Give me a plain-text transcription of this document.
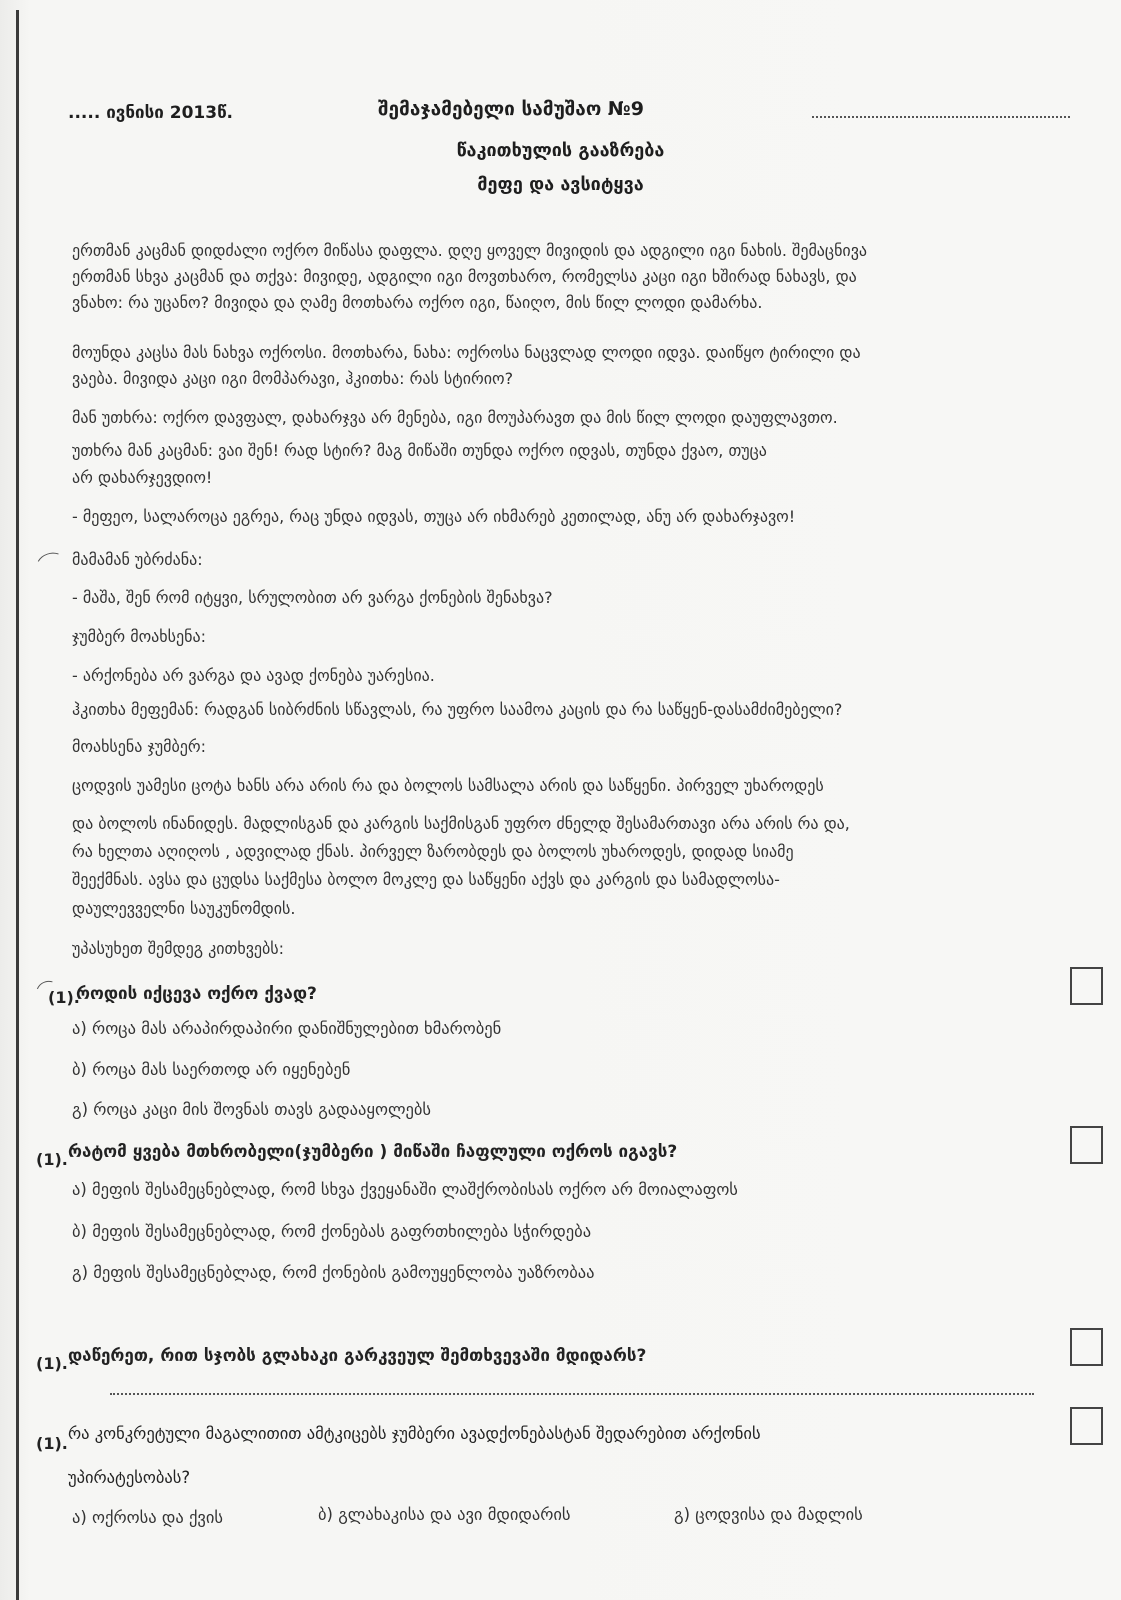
..... ივნისი 2013წ.	შემაჯამებელი სამუშაო №9
წაკითხულის გააზრება
მეფე და ავსიტყვა
ერთმან კაცმან დიდძალი ოქრო მიწასა დაფლა. დღე ყოველ მივიდის და ადგილი იგი ნახის. შემაცნივა
ერთმან სხვა კაცმან და თქვა: მივიდე, ადგილი იგი მოვთხარო, რომელსა კაცი იგი ხშირად ნახავს, და
ვნახო: რა უცანო? მივიდა და ღამე მოთხარა ოქრო იგი, წაიღო, მის წილ ლოდი დამარხა.
მოუნდა კაცსა მას ნახვა ოქროსი. მოთხარა, ნახა: ოქროსა ნაცვლად ლოდი იდვა. დაიწყო ტირილი და
ვაება. მივიდა კაცი იგი მომპარავი, ჰკითხა: რას სტირიო?
მან უთხრა: ოქრო დავფალ, დახარჯვა არ მენება, იგი მოუპარავთ და მის წილ ლოდი დაუფლავთო.
უთხრა მან კაცმან: ვაი შენ! რად სტირ? მაგ მიწაში თუნდა ოქრო იდვას, თუნდა ქვაო, თუცა
არ დახარჯევდიო!
- მეფეო, სალაროცა ეგრეა, რაც უნდა იდვას, თუცა არ იხმარებ კეთილად, ანუ არ დახარჯავო!
მამამან უბრძანა:
- მაშა, შენ რომ იტყვი, სრულობით არ ვარგა ქონების შენახვა?
ჯუმბერ მოახსენა:
- არქონება არ ვარგა და ავად ქონება უარესია.
ჰკითხა მეფემან: რადგან სიბრძნის სწავლას, რა უფრო საამოა კაცის და რა საწყენ-დასამძიმებელი?
მოახსენა ჯუმბერ:
ცოდვის უამესი ცოტა ხანს არა არის რა და ბოლოს სამსალა არის და საწყენი. პირველ უხაროდეს
და ბოლოს ინანიდეს. მადლისგან და კარგის საქმისგან უფრო ძნელდ შესამართავი არა არის რა და,
რა ხელთა აღიღოს , ადვილად ქნას. პირველ ზარობდეს და ბოლოს უხაროდეს, დიდად სიამე
შეექმნას. ავსა და ცუდსა საქმესა ბოლო მოკლე და საწყენი აქვს და კარგის და სამადლოსა-
დაულევველნი საუკუნომდის.
უპასუხეთ შემდეგ კითხვებს:
(1).
როდის იქცევა ოქრო ქვად?
ა) როცა მას არაპირდაპირი დანიშნულებით ხმარობენ
ბ) როცა მას საერთოდ არ იყენებენ
გ) როცა კაცი მის შოვნას თავს გადააყოლებს
(1). რატომ ყვება მთხრობელი(ჯუმბერი ) მიწაში ჩაფლული ოქროს იგავს?
ა) მეფის შესამეცნებლად, რომ სხვა ქვეყანაში ლაშქრობისას ოქრო არ მოიალაფოს
ბ) მეფის შესამეცნებლად, რომ ქონებას გაფრთხილება სჭირდება
გ) მეფის შესამეცნებლად, რომ ქონების გამოუყენლობა უაზრობაა
(1). დაწერეთ, რით სჯობს გლახაკი გარკვეულ შემთხვევაში მდიდარს?
(1).
რა კონკრეტული მაგალითით ამტკიცებს ჯუმბერი ავადქონებასტან შედარებით არქონის
უპირატესობას?
ა) ოქროსა და ქვის	ბ) გლახაკისა და ავი მდიდარის	გ) ცოდვისა და მადლის
